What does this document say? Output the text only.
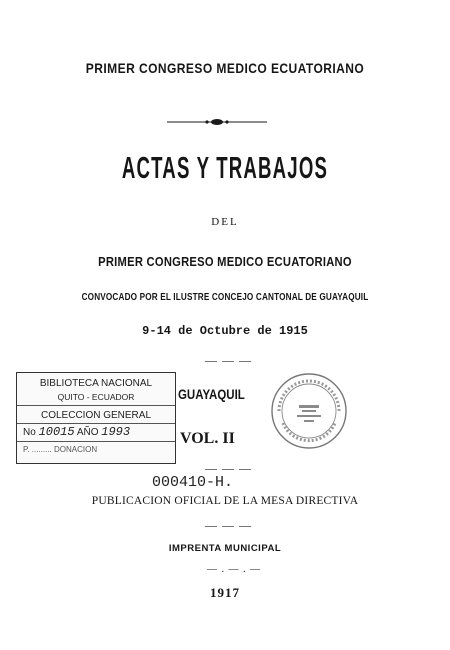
PRIMER CONGRESO MEDICO ECUATORIANO
ACTAS Y TRABAJOS
DEL
PRIMER CONGRESO MEDICO ECUATORIANO
CONVOCADO POR EL ILUSTRE CONCEJO CANTONAL DE GUAYAQUIL
9-14 de Octubre de 1915
— — —
GUAYAQUIL
VOL. II
— — —
000410-H.
PUBLICACION OFICIAL DE LA MESA DIRECTIVA
— — —
IMPRENTA MUNICIPAL
— . — . —
1917
BIBLIOTECA NACIONAL
QUITO - ECUADOR
COLECCION GENERAL
No 10015 AÑO 1993
P. ......... DONACION
